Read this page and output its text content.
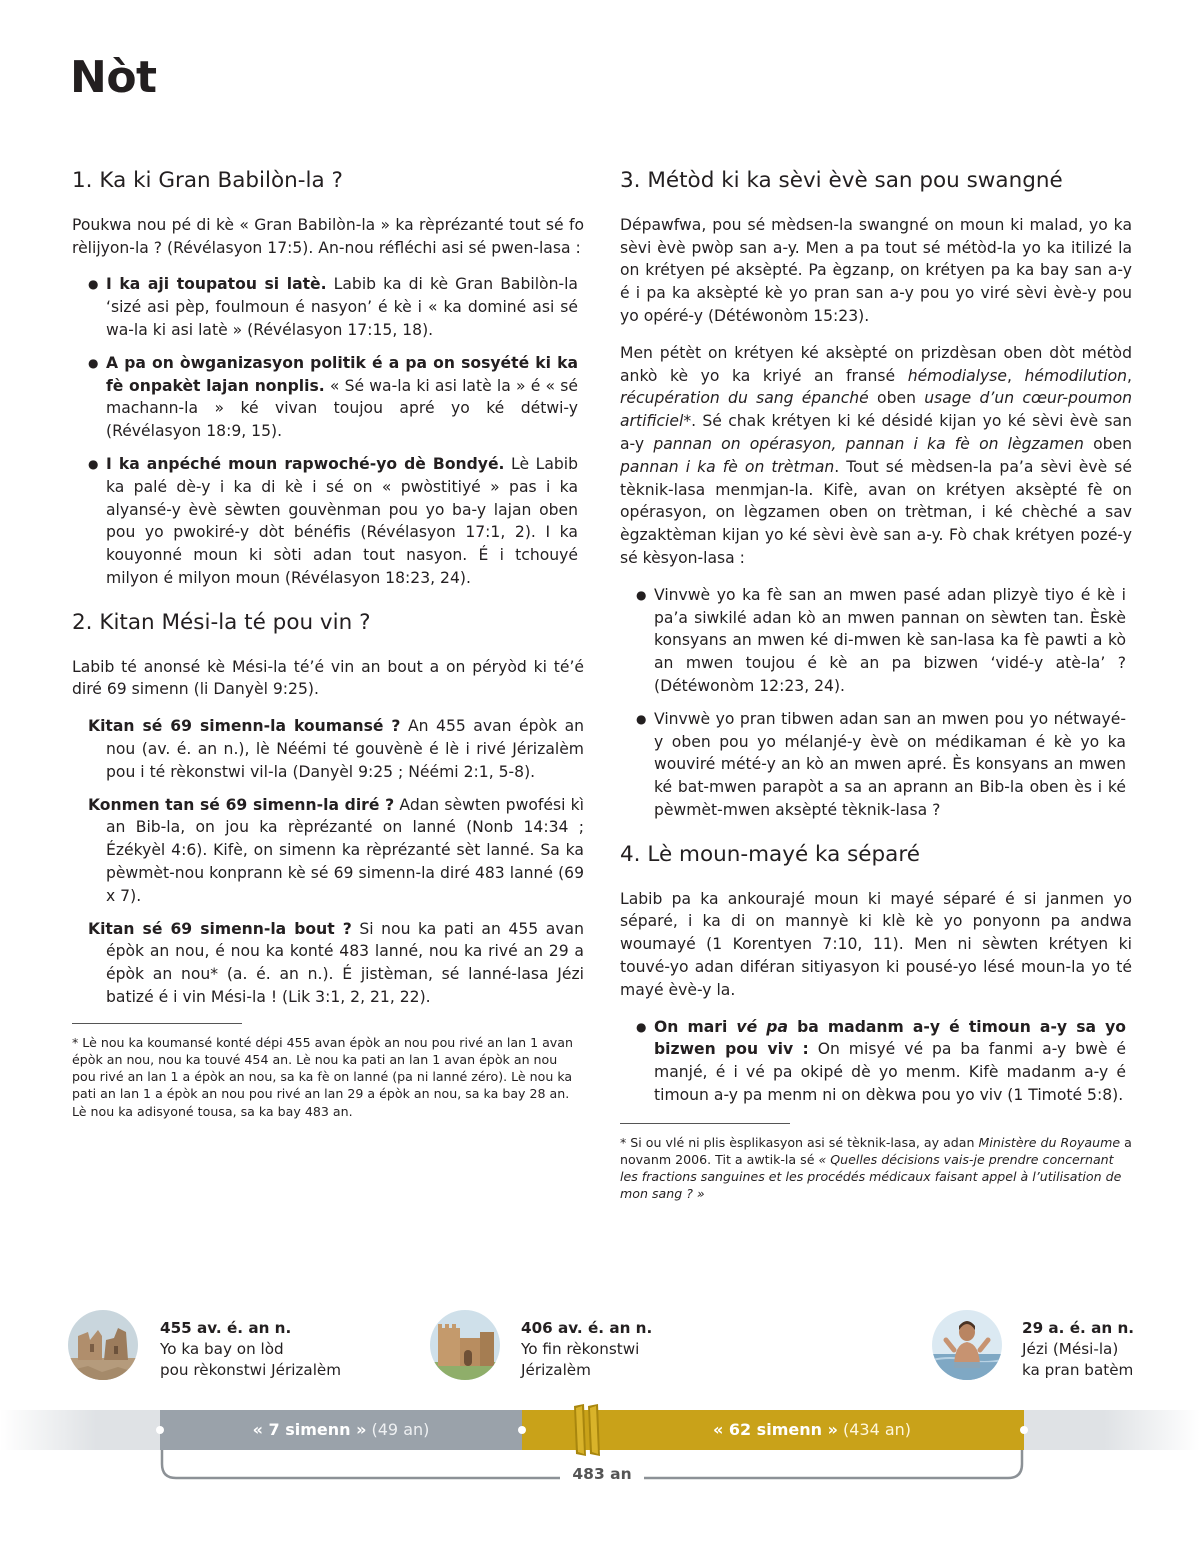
Nòt
1. Ka ki Gran Babilòn-la ?

Poukwa nou pé di kè « Gran Babilòn-la » ka rèprézanté tout sé fo rèlijyon-la ? (Révélasyon 17:5). An-nou réfléchi asi sé pwen-lasa :

● I ka aji toupatou si latè. Labib ka di kè Gran Babilòn-la ‘sizé asi pèp, foulmoun é nasyon’ é kè i « ka dominé asi sé wa-la ki asi latè » (Révélasyon 17:15, 18).
● A pa on òwganizasyon politik é a pa on sosyété ki ka fè onpakèt lajan nonplis. « Sé wa-la ki asi latè la » é « sé machann-la » ké vivan toujou apré yo ké détwi-y (Révélasyon 18:9, 15).
● I ka anpéché moun rapwoché-yo dè Bondyé. Lè Labib ka palé dè-y i ka di kè i sé on « pwòstitiyé » pas i ka alyansé-y èvè sèwten gouvènman pou yo ba-y lajan oben pou yo pwokiré-y dòt bénéfis (Révélasyon 17:1, 2). I ka kouyonné moun ki sòti adan tout nasyon. É i tchouyé milyon é milyon moun (Révélasyon 18:23, 24).
2. Kitan Mési-la té pou vin ?

Labib té anonsé kè Mési-la té’é vin an bout a on péryòd ki té’é diré 69 simenn (li Danyèl 9:25).

Kitan sé 69 simenn-la koumansé ? An 455 avan épòk an nou (av. é. an n.), lè Néémi té gouvènè é lè i rivé Jérizalèm pou i té rèkonstwi vil-la (Danyèl 9:25 ; Néémi 2:1, 5-8).

Konmen tan sé 69 simenn-la diré ? Adan sèwten pwofési kì an Bib-la, on jou ka rèprézanté on lanné (Nonb 14:34 ; Ézékyèl 4:6). Kifè, on simenn ka rèprézanté sèt lanné. Sa ka pèwmèt-nou konprann kè sé 69 simenn-la diré 483 lanné (69 x 7).

Kitan sé 69 simenn-la bout ? Si nou ka pati an 455 avan épòk an nou, é nou ka konté 483 lanné, nou ka rivé an 29 a épòk an nou* (a. é. an n.). É jistèman, sé lanné-lasa Jézi batizé é i vin Mési-la ! (Lik 3:1, 2, 21, 22).

* Lè nou ka koumansé konté dépi 455 avan épòk an nou pou rivé an lan 1 avan épòk an nou, nou ka touvé 454 an. Lè nou ka pati an lan 1 avan épòk an nou pou rivé an lan 1 a épòk an nou, sa ka fè on lanné (pa ni lanné zéro). Lè nou ka pati an lan 1 a épòk an nou pou rivé an lan 29 a épòk an nou, sa ka bay 28 an. Lè nou ka adisyoné tousa, sa ka bay 483 an.

3. Métòd ki ka sèvi èvè san pou swangné

Dépawfwa, pou sé mèdsen-la swangné on moun ki malad, yo ka sèvi èvè pwòp san a-y. Men a pa tout sé métòd-la yo ka itilizé la on krétyen pé aksèpté. Pa ègzanp, on krétyen pa ka bay san a-y é i pa ka aksèpté kè yo pran san a-y pou yo viré sèvi èvè-y pou yo opéré-y (Détéwonòm 15:23).

Men pétèt on krétyen ké aksèpté on prizdèsan oben dòt métòd ankò kè yo ka kriyé an fransé hémodialyse, hémodilution, récupération du sang épanché oben usage d’un cœur-poumon artificiel*. Sé chak krétyen ki ké désidé kijan yo ké sèvi èvè san a-y pannan on opérasyon, pannan i ka fè on lègzamen oben pannan i ka fè on trètman. Tout sé mèdsen-la pa’a sèvi èvè sé tèknik-lasa menmjan-la. Kifè, avan on krétyen aksèpté fè on opérasyon, on lègzamen oben on trètman, i ké chèché a sav ègzaktèman kijan yo ké sèvi èvè san a-y. Fò chak krétyen pozé-y sé kèsyon-lasa :

● Vinvwè yo ka fè san an mwen pasé adan plizyè tiyo é kè i pa’a siwkilé adan kò an mwen pannan on sèwten tan. Èskè konsyans an mwen ké di-mwen kè san-lasa ka fè pawti a kò an mwen toujou é kè an pa bizwen ‘vidé-y atè-la’ ? (Détéwonòm 12:23, 24).
● Vinvwè yo pran tibwen adan san an mwen pou yo nétwayé-y oben pou yo mélanjé-y èvè on médikaman é kè yo ka wouviré mété-y an kò an mwen apré. Ès konsyans an mwen ké bat-mwen parapòt a sa an aprann an Bib-la oben ès i ké pèwmèt-mwen aksèpté tèknik-lasa ?
4. Lè moun-mayé ka séparé

Labib pa ka ankourajé moun ki mayé séparé é si janmen yo séparé, i ka di on mannyè ki klè kè yo ponyonn pa andwa woumayé (1 Korentyen 7:10, 11). Men ni sèwten krétyen ki touvé-yo adan diféran sitiyasyon ki pousé-yo lésé moun-la yo té mayé èvè-y la.

● On mari vé pa ba madanm a-y é timoun a-y sa yo bizwen pou viv : On misyé vé pa ba fanmi a-y bwè é manjé, é i vé pa okipé dè yo menm. Kifè madanm a-y é timoun a-y pa menm ni on dèkwa pou yo viv (1 Timoté 5:8).

* Si ou vlé ni plis èsplikasyon asi sé tèknik-lasa, ay adan Ministère du Royaume a novanm 2006. Tit a awtik-la sé « Quelles décisions vais-je prendre concernant les fractions sanguines et les procédés médicaux faisant appel à l’utilisation de mon sang ? »

« 7 simenn » (49 an)	« 62 simenn » (434 an)
483 an
455 av. é. an n.
Yo ka bay on lòd
pou rèkonstwi Jérizalèm
406 av. é. an n.
Yo fin rèkonstwi
Jérizalèm
29 a. é. an n.
Jézi (Mési-la)
ka pran batèm
